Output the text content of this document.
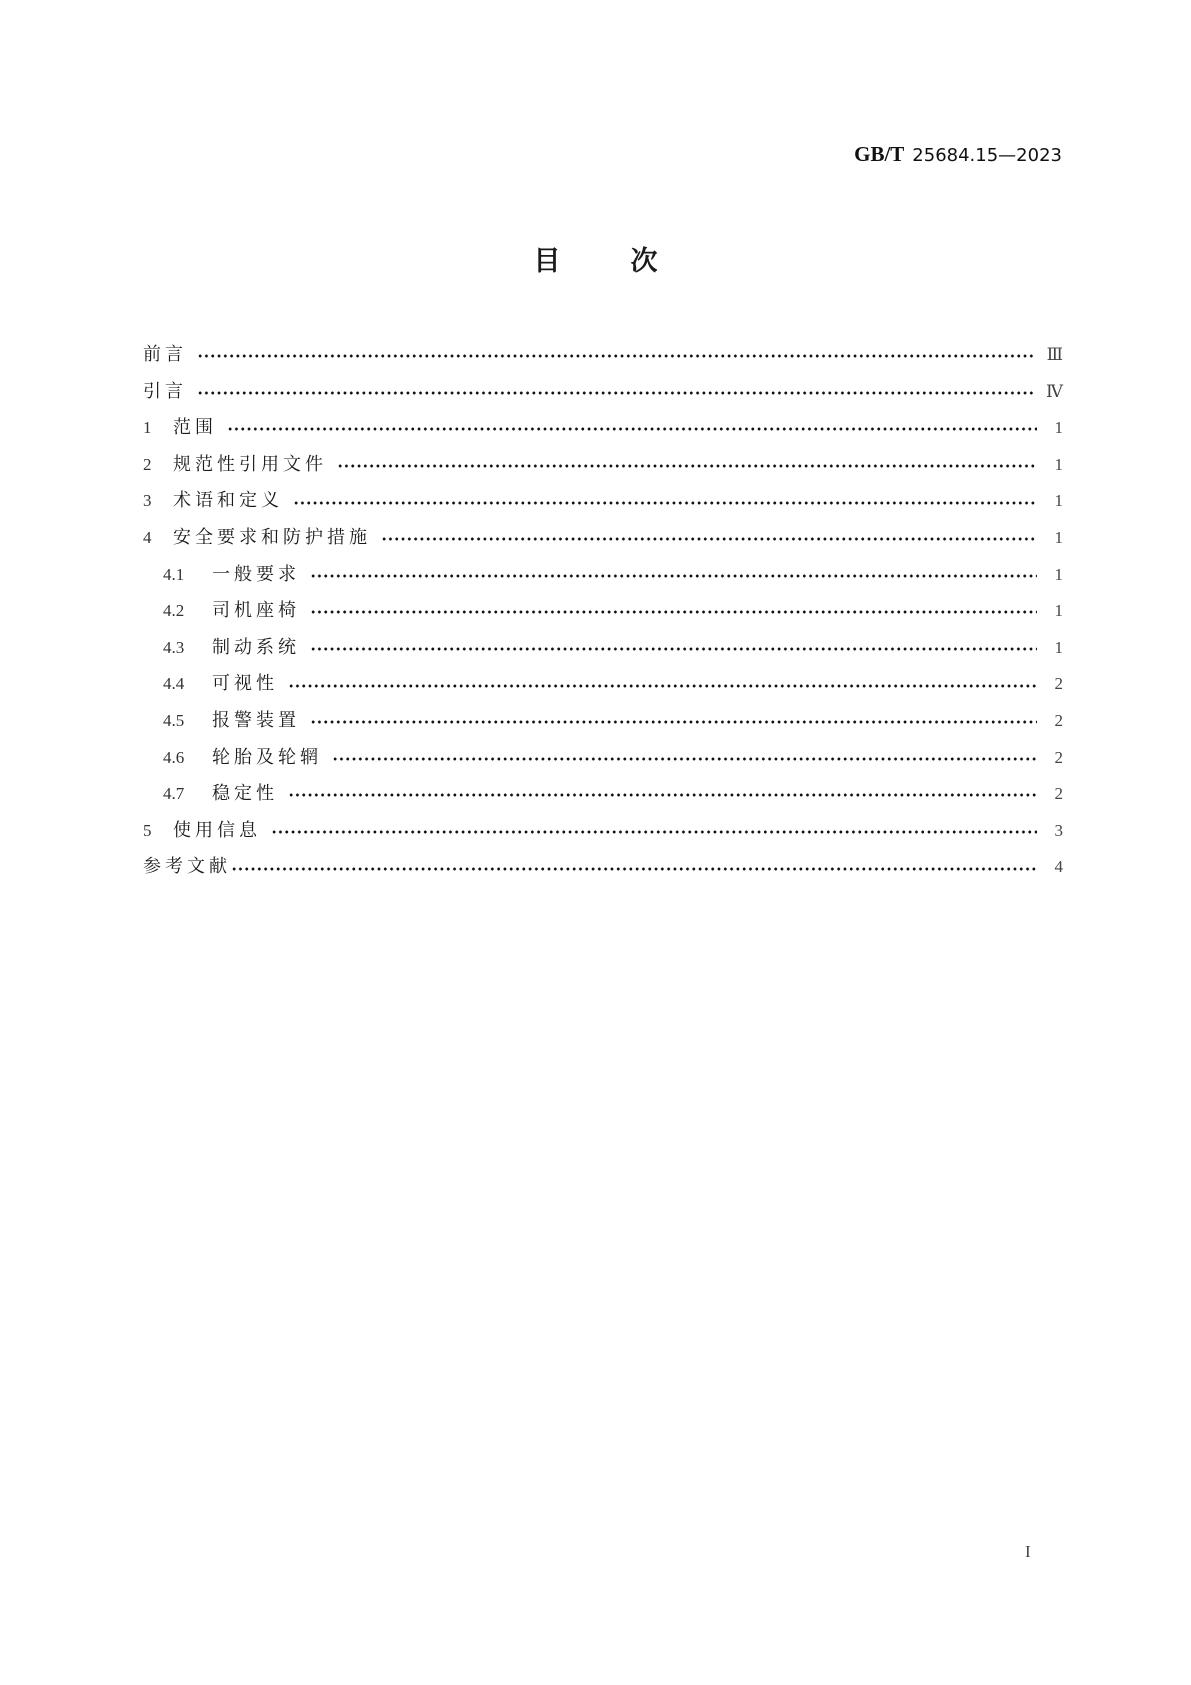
GB/T 25684.15—2023
目	次
前言	Ⅲ
引言	Ⅳ
1	范围	1
2	规范性引用文件	1
3	术语和定义	1
4	安全要求和防护措施	1
4.1	一般要求	1
4.2	司机座椅	1
4.3	制动系统	1
4.4	可视性	2
4.5	报警装置	2
4.6	轮胎及轮辋	2
4.7	稳定性	2
5	使用信息	3
参考文献	4
I
